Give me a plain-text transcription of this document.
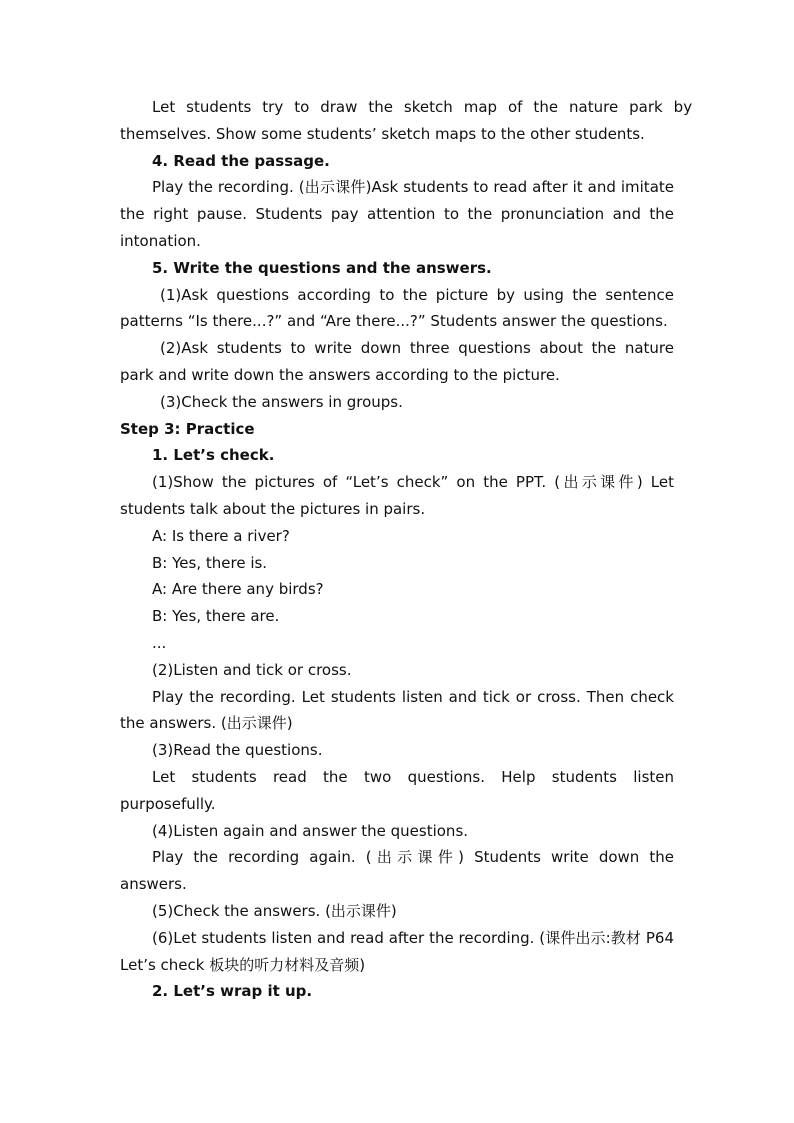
Let students try to draw the sketch map of the nature park by
themselves. Show some students’ sketch maps to the other students.

4. Read the passage.

Play the recording. (出示课件)Ask students to read after it and imitate the right pause. Students pay attention to the pronunciation and the intonation.

5. Write the questions and the answers.

(1)Ask questions according to the picture by using the sentence patterns “Is there...?” and “Are there...?” Students answer the questions.

(2)Ask students to write down three questions about the nature park and write down the answers according to the picture.

(3)Check the answers in groups.

Step 3: Practice

1. Let’s check.

(1)Show the pictures of “Let’s check” on the PPT. (出示课件) Let students talk about the pictures in pairs.

A: Is there a river?

B: Yes, there is.

A: Are there any birds?

B: Yes, there are.

...

(2)Listen and tick or cross.

Play the recording. Let students listen and tick or cross. Then check the answers. (出示课件)

(3)Read the questions.

Let students read the two questions. Help students listen purposefully.

(4)Listen again and answer the questions.

Play the recording again. (出示课件) Students write down the answers.

(5)Check the answers. (出示课件)

(6)Let students listen and read after the recording. (课件出示:教材 P64 Let’s check 板块的听力材料及音频)

2. Let’s wrap it up.
